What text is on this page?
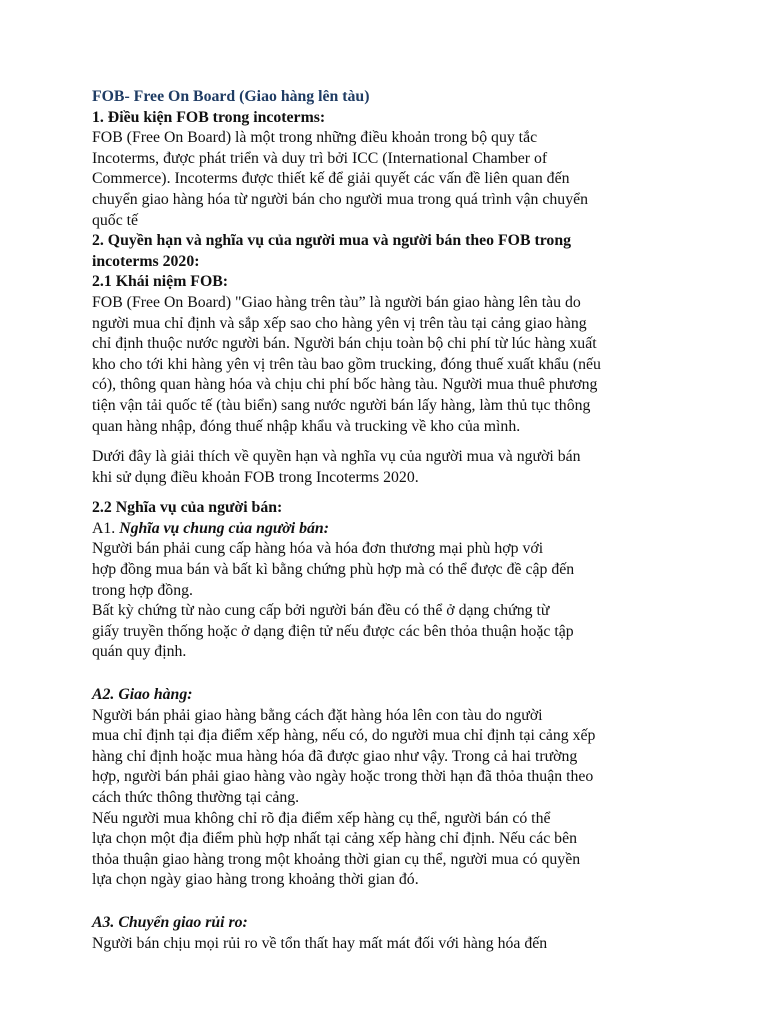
FOB- Free On Board (Giao hàng lên tàu)
1. Điều kiện FOB trong incoterms:
FOB (Free On Board) là một trong những điều khoản trong bộ quy tắc
Incoterms, được phát triển và duy trì bởi ICC (International Chamber of
Commerce). Incoterms được thiết kế để giải quyết các vấn đề liên quan đến
chuyển giao hàng hóa từ người bán cho người mua trong quá trình vận chuyển
quốc tế
2. Quyền hạn và nghĩa vụ của người mua và người bán theo FOB trong
incoterms 2020:
2.1 Khái niệm FOB:
FOB (Free On Board) "Giao hàng trên tàu” là người bán giao hàng lên tàu do
người mua chỉ định và sắp xếp sao cho hàng yên vị trên tàu tại cảng giao hàng
chỉ định thuộc nước người bán. Người bán chịu toàn bộ chi phí từ lúc hàng xuất
kho cho tới khi hàng yên vị trên tàu bao gồm trucking, đóng thuế xuất khẩu (nếu
có), thông quan hàng hóa và chịu chi phí bốc hàng tàu. Người mua thuê phương
tiện vận tải quốc tế (tàu biển) sang nước người bán lấy hàng, làm thủ tục thông
quan hàng nhập, đóng thuế nhập khẩu và trucking về kho của mình.
Dưới đây là giải thích về quyền hạn và nghĩa vụ của người mua và người bán
khi sử dụng điều khoản FOB trong Incoterms 2020.
2.2 Nghĩa vụ của người bán:
A1. Nghĩa vụ chung của người bán:
Người bán phải cung cấp hàng hóa và hóa đơn thương mại phù hợp với
hợp đồng mua bán và bất kì bằng chứng phù hợp mà có thể được đề cập đến
trong hợp đồng.
Bất kỳ chứng từ nào cung cấp bởi người bán đều có thể ở dạng chứng từ
giấy truyền thống hoặc ở dạng điện tử nếu được các bên thỏa thuận hoặc tập
quán quy định.
A2. Giao hàng:
Người bán phải giao hàng bằng cách đặt hàng hóa lên con tàu do người
mua chỉ định tại địa điểm xếp hàng, nếu có, do người mua chỉ định tại cảng xếp
hàng chỉ định hoặc mua hàng hóa đã được giao như vậy. Trong cả hai trường
hợp, người bán phải giao hàng vào ngày hoặc trong thời hạn đã thỏa thuận theo
cách thức thông thường tại cảng.
Nếu người mua không chỉ rõ địa điểm xếp hàng cụ thể, người bán có thể
lựa chọn một địa điểm phù hợp nhất tại cảng xếp hàng chỉ định. Nếu các bên
thỏa thuận giao hàng trong một khoảng thời gian cụ thể, người mua có quyền
lựa chọn ngày giao hàng trong khoảng thời gian đó.
A3. Chuyển giao rủi ro:
Người bán chịu mọi rủi ro về tổn thất hay mất mát đối với hàng hóa đến
